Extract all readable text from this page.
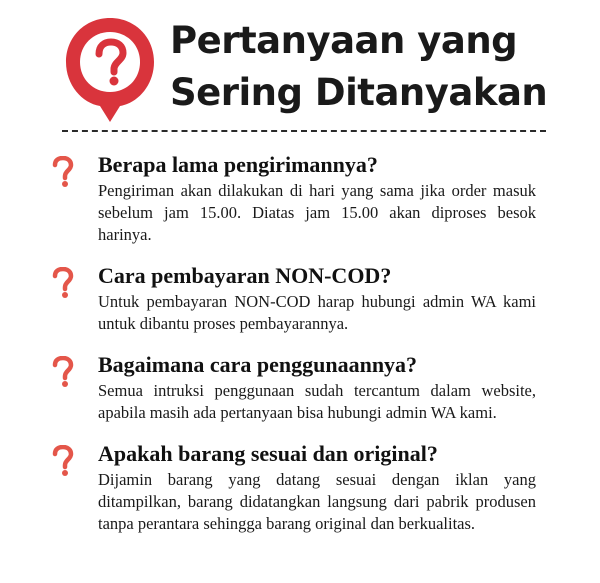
Pertanyaan yang
Sering Ditanyakan

Berapa lama pengirimannya?

Pengiriman akan dilakukan di hari yang sama jika order masuk sebelum jam 15.00. Diatas jam 15.00 akan diproses besok harinya.

Cara pembayaran NON-COD?

Untuk pembayaran NON-COD harap hubungi admin WA kami untuk dibantu proses pembayarannya.

Bagaimana cara penggunaannya?

Semua intruksi penggunaan sudah tercantum dalam website, apabila masih ada pertanyaan bisa hubungi admin WA kami.

Apakah barang sesuai dan original?

Dijamin barang yang datang sesuai dengan iklan yang ditampilkan, barang didatangkan langsung dari pabrik produsen tanpa perantara sehingga barang original dan berkualitas.
